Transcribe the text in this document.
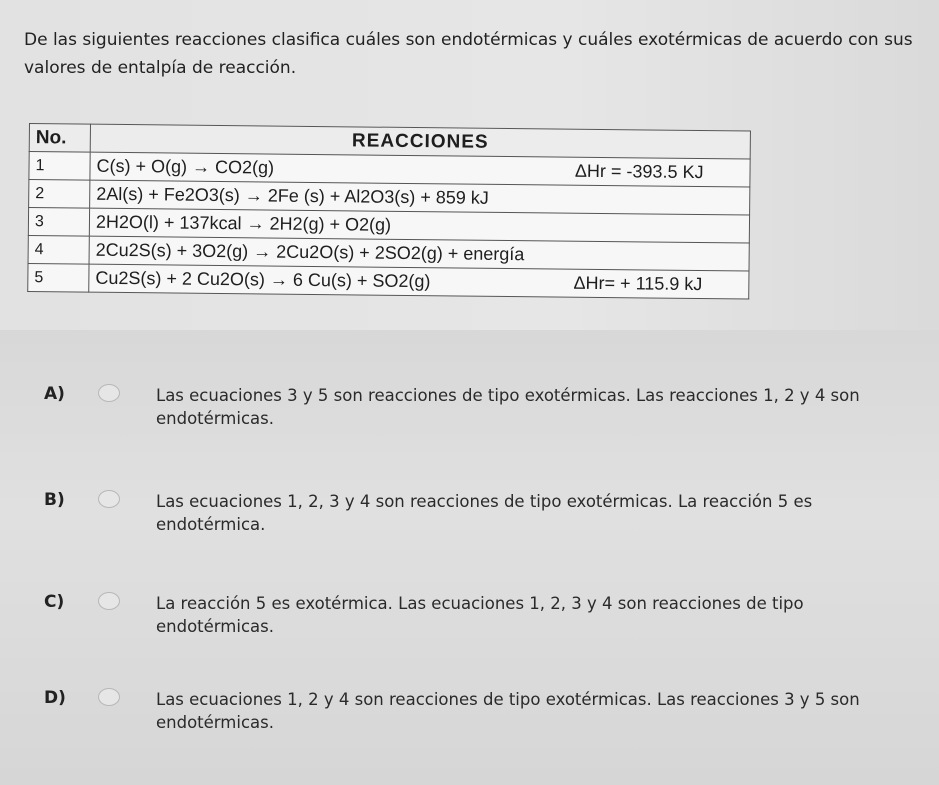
De las siguientes reacciones clasifica cuáles son endotérmicas y cuáles exotérmicas de acuerdo con sus
valores de entalpía de reacción.
No.	REACCIONES
1	C(s) + O(g) → CO2(g) ΔHr = -393.5 KJ

2	2Al(s) + Fe2O3(s) → 2Fe (s) + Al2O3(s) + 859 kJ
3	2H2O(l) + 137kcal → 2H2(g) + O2(g)
4	2Cu2S(s) + 3O2(g) → 2Cu2O(s) + 2SO2(g) + energía
5	Cu2S(s) + 2 Cu2O(s) → 6 Cu(s) + SO2(g) ΔHr= + 115.9 kJ
A)	Las ecuaciones 3 y 5 son reacciones de tipo exotérmicas. Las reacciones 1, 2 y 4 son endotérmicas.
B)	Las ecuaciones 1, 2, 3 y 4 son reacciones de tipo exotérmicas. La reacción 5 es endotérmica.
C)	La reacción 5 es exotérmica. Las ecuaciones 1, 2, 3 y 4 son reacciones de tipo endotérmicas.
D)	Las ecuaciones 1, 2 y 4 son reacciones de tipo exotérmicas. Las reacciones 3 y 5 son endotérmicas.
